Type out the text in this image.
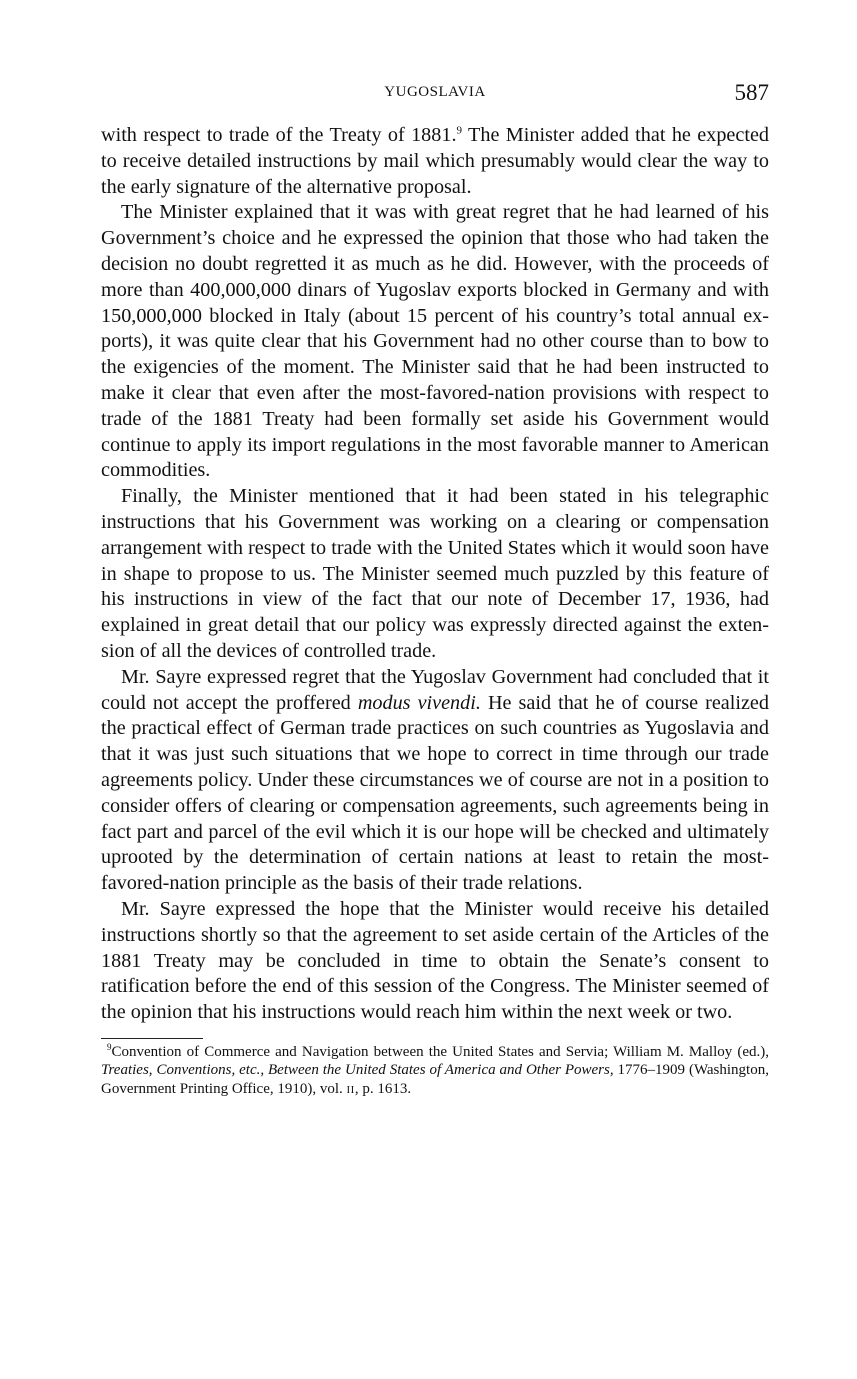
YUGOSLAVIA	587

with respect to trade of the Treaty of 1881.$^9$ The Minister added that he expected to receive detailed instructions by mail which presumably would clear the way to the early signature of the alternative proposal.

The Minister explained that it was with great regret that he had learned of his Government’s choice and he expressed the opinion that those who had taken the decision no doubt regretted it as much as he did. However, with the proceeds of more than 400,000,000 dinars of Yugoslav exports blocked in Germany and with 150,000,000 blocked in Italy (about 15 percent of his country’s total annual exports), it was quite clear that his Government had no other course than to bow to the exigencies of the moment. The Minister said that he had been instructed to make it clear that even after the most-favored-nation provisions with respect to trade of the 1881 Treaty had been formally set aside his Government would continue to apply its import regulations in the most favorable manner to American commodities.

Finally, the Minister mentioned that it had been stated in his telegraphic instructions that his Government was working on a clearing or compensation arrangement with respect to trade with the United States which it would soon have in shape to propose to us. The Minister seemed much puzzled by this feature of his instructions in view of the fact that our note of December 17, 1936, had explained in great detail that our policy was expressly directed against the extension of all the devices of controlled trade.

Mr. Sayre expressed regret that the Yugoslav Government had concluded that it could not accept the proffered modus vivendi. He said that he of course realized the practical effect of German trade practices on such countries as Yugoslavia and that it was just such situations that we hope to correct in time through our trade agreements policy. Under these circumstances we of course are not in a position to consider offers of clearing or compensation agreements, such agreements being in fact part and parcel of the evil which it is our hope will be checked and ultimately uprooted by the determination of certain nations at least to retain the most-favored-nation principle as the basis of their trade relations.

Mr. Sayre expressed the hope that the Minister would receive his detailed instructions shortly so that the agreement to set aside certain of the Articles of the 1881 Treaty may be concluded in time to obtain the Senate’s consent to ratification before the end of this session of the Congress. The Minister seemed of the opinion that his instructions would reach him within the next week or two.

$^9$Convention of Commerce and Navigation between the United States and Servia; William M. Malloy (ed.), Treaties, Conventions, etc., Between the United States of America and Other Powers, 1776–1909 (Washington, Government Printing Office, 1910), vol. II, p. 1613.
